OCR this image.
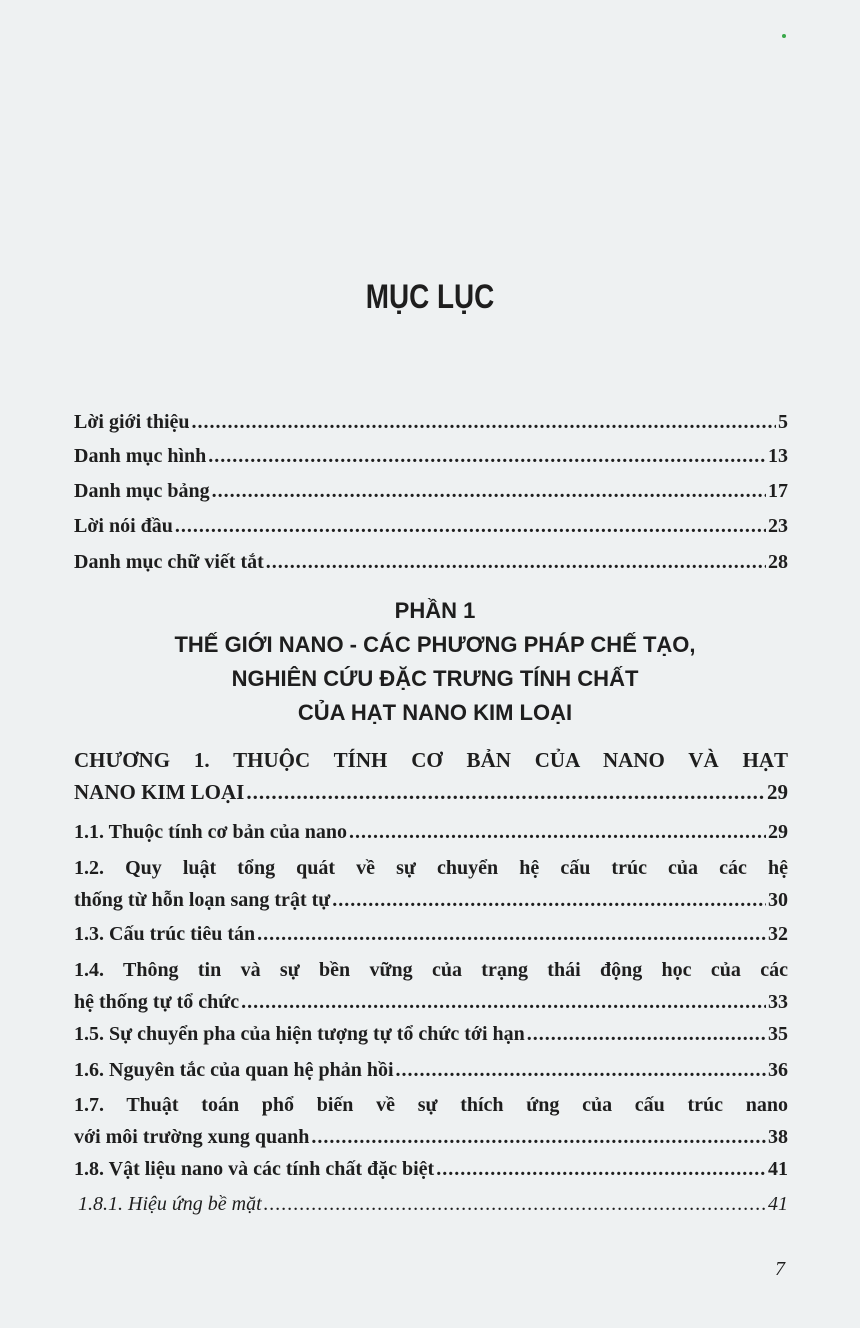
MỤC LỤC
Lời giới thiệu .....	5
Danh mục hình .....	13
Danh mục bảng .....	17
Lời nói đầu .....	23
Danh mục chữ viết tắt .....	28
PHẦN 1
THẾ GIỚI NANO - CÁC PHƯƠNG PHÁP CHẾ TẠO,
NGHIÊN CỨU ĐẶC TRƯNG TÍNH CHẤT
CỦA HẠT NANO KIM LOẠI
CHƯƠNG 1. THUỘC TÍNH CƠ BẢN CỦA NANO VÀ HẠT
NANO KIM LOẠI .....	29
1.1. Thuộc tính cơ bản của nano .....	29
1.2. Quy luật tổng quát về sự chuyển hệ cấu trúc của các hệ
thống từ hỗn loạn sang trật tự .....	30
1.3. Cấu trúc tiêu tán .....	32
1.4. Thông tin và sự bền vững của trạng thái động học của các
hệ thống tự tổ chức .....	33
1.5. Sự chuyển pha của hiện tượng tự tổ chức tới hạn .....	35
1.6. Nguyên tắc của quan hệ phản hồi .....	36
1.7. Thuật toán phổ biến về sự thích ứng của cấu trúc nano
với môi trường xung quanh .....	38
1.8. Vật liệu nano và các tính chất đặc biệt .....	41
1.8.1. Hiệu ứng bề mặt .....	41
7
